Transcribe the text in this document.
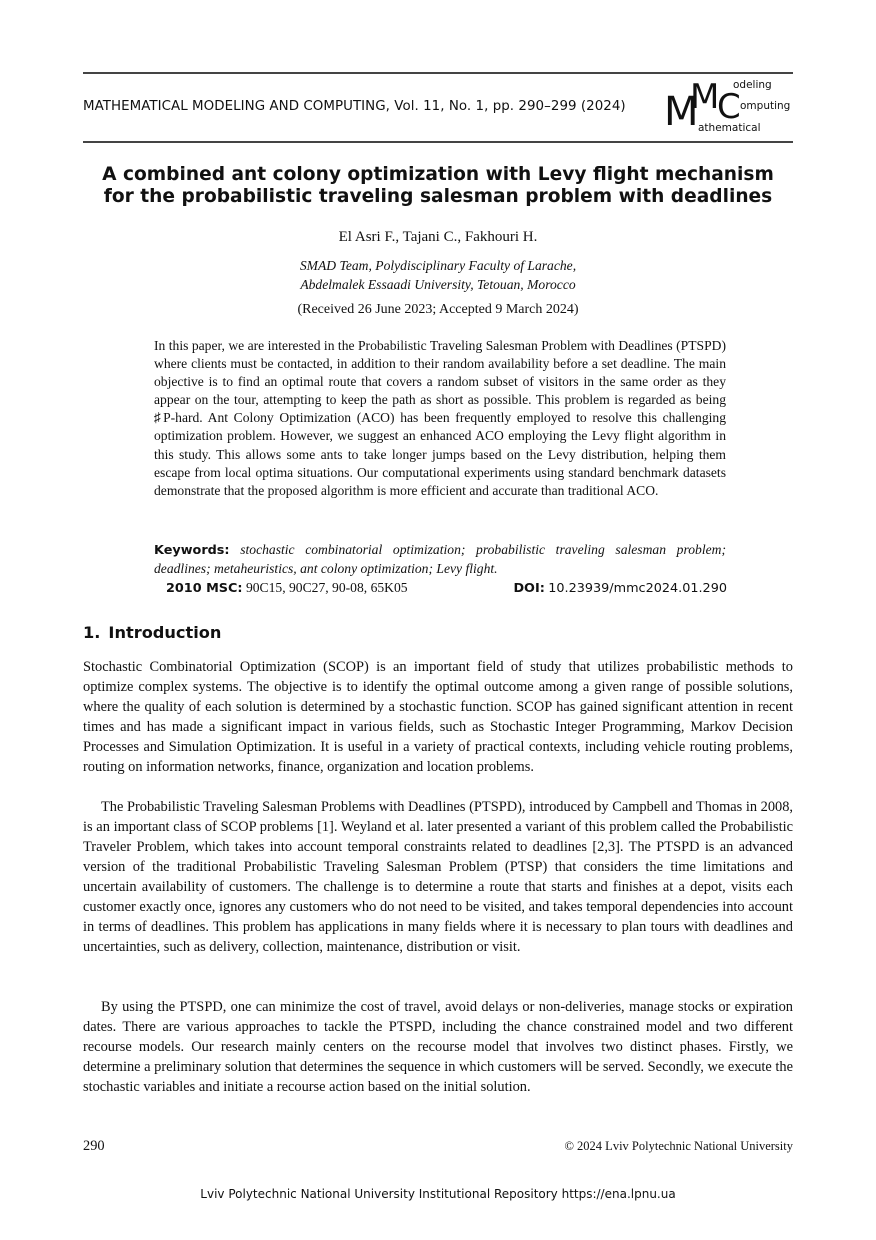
MATHEMATICAL MODELING AND COMPUTING, Vol. 11, No. 1, pp. 290–299 (2024) M
M
C
odeling
omputing
athematical
A combined ant colony optimization with Levy flight mechanism for the probabilistic traveling salesman problem with deadlines
El Asri F., Tajani C., Fakhouri H.
SMAD Team, Polydisciplinary Faculty of Larache,
Abdelmalek Essaadi University, Tetouan, Morocco
(Received 26 June 2023; Accepted 9 March 2024)
In this paper, we are interested in the Probabilistic Traveling Salesman Problem with Deadlines (PTSPD) where clients must be contacted, in addition to their random availability before a set deadline. The main objective is to find an optimal route that covers a random subset of visitors in the same order as they appear on the tour, attempting to keep the path as short as possible. This problem is regarded as being ♯P-hard. Ant Colony Optimization (ACO) has been frequently employed to resolve this challenging optimization problem. However, we suggest an enhanced ACO employing the Levy flight algorithm in this study. This allows some ants to take longer jumps based on the Levy distribution, helping them escape from local optima situations. Our computational experiments using standard benchmark datasets demonstrate that the proposed algorithm is more efficient and accurate than traditional ACO.
Keywords: stochastic combinatorial optimization; probabilistic traveling salesman problem; deadlines; metaheuristics, ant colony optimization; Levy flight.
2010 MSC: 90C15, 90C27, 90-08, 65K05	DOI: 10.23939/mmc2024.01.290
1. Introduction
Stochastic Combinatorial Optimization (SCOP) is an important field of study that utilizes probabilistic methods to optimize complex systems. The objective is to identify the optimal outcome among a given range of possible solutions, where the quality of each solution is determined by a stochastic function. SCOP has gained significant attention in recent times and has made a significant impact in various fields, such as Stochastic Integer Programming, Markov Decision Processes and Simulation Optimization. It is useful in a variety of practical contexts, including vehicle routing problems, routing on information networks, finance, organization and location problems.
The Probabilistic Traveling Salesman Problems with Deadlines (PTSPD), introduced by Campbell and Thomas in 2008, is an important class of SCOP problems [1]. Weyland et al. later presented a variant of this problem called the Probabilistic Traveler Problem, which takes into account temporal constraints related to deadlines [2,3]. The PTSPD is an advanced version of the traditional Probabilistic Traveling Salesman Problem (PTSP) that considers the time limitations and uncertain availability of customers. The challenge is to determine a route that starts and finishes at a depot, visits each customer exactly once, ignores any customers who do not need to be visited, and takes temporal dependencies into account in terms of deadlines. This problem has applications in many fields where it is necessary to plan tours with deadlines and uncertainties, such as delivery, collection, maintenance, distribution or visit.
By using the PTSPD, one can minimize the cost of travel, avoid delays or non-deliveries, manage stocks or expiration dates. There are various approaches to tackle the PTSPD, including the chance constrained model and two different recourse models. Our research mainly centers on the recourse model that involves two distinct phases. Firstly, we determine a preliminary solution that determines the sequence in which customers will be served. Secondly, we execute the stochastic variables and initiate a recourse action based on the initial solution.
290	© 2024 Lviv Polytechnic National University
Lviv Polytechnic National University Institutional Repository https://ena.lpnu.ua
